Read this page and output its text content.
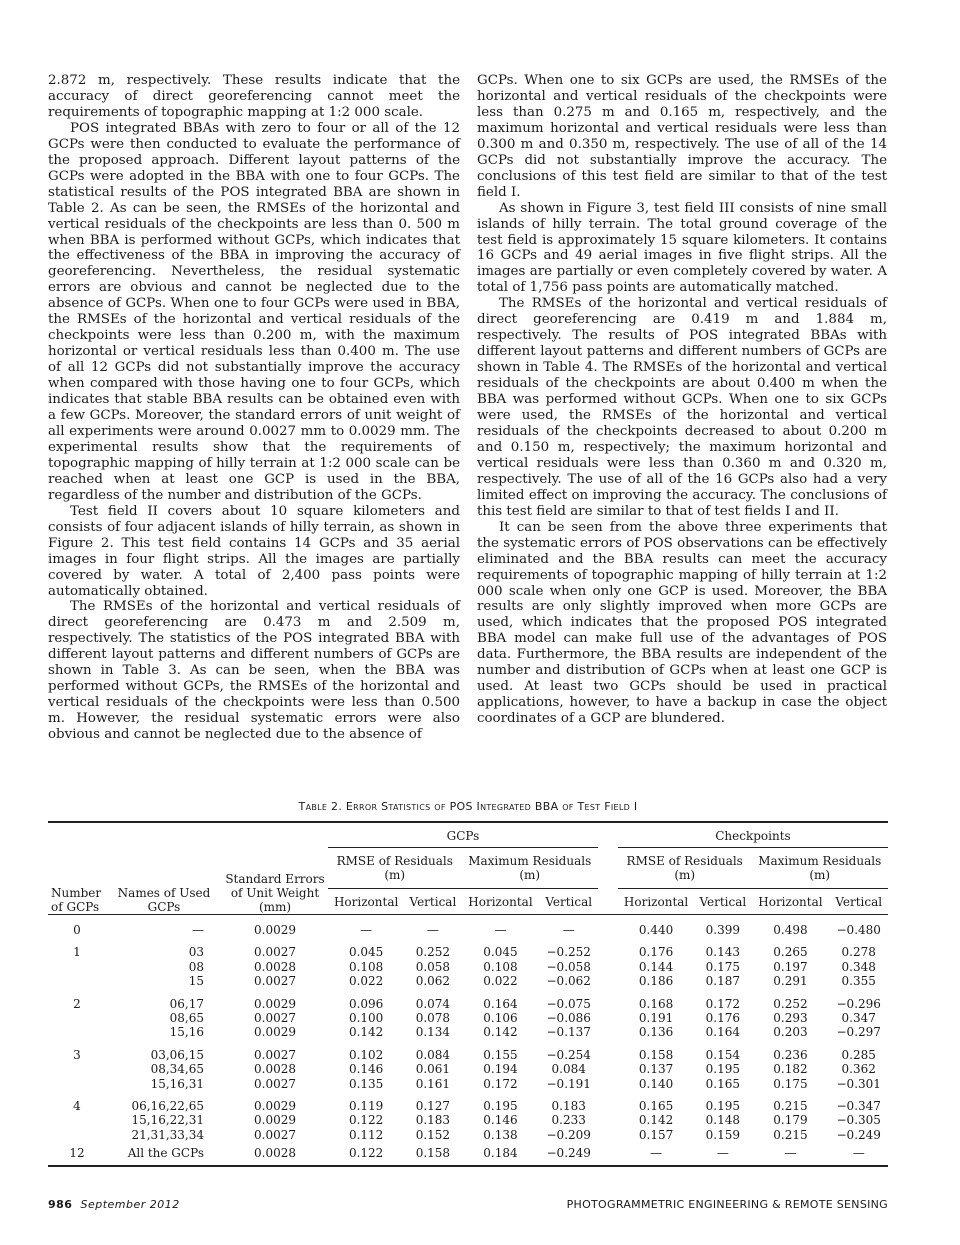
2.872 m, respectively. These results indicate that the accuracy of direct georeferencing cannot meet the requirements of topographic mapping at 1:2 000 scale.

POS integrated BBAs with zero to four or all of the 12 GCPs were then conducted to evaluate the performance of the proposed approach. Different layout patterns of the GCPs were adopted in the BBA with one to four GCPs. The statistical results of the POS integrated BBA are shown in Table 2. As can be seen, the RMSEs of the horizontal and vertical residuals of the checkpoints are less than 0. 500 m when BBA is performed without GCPs, which indicates that the effectiveness of the BBA in improving the accuracy of georeferencing. Nevertheless, the residual systematic errors are obvious and cannot be neglected due to the absence of GCPs. When one to four GCPs were used in BBA, the RMSEs of the horizontal and vertical residuals of the checkpoints were less than 0.200 m, with the maximum horizontal or vertical residuals less than 0.400 m. The use of all 12 GCPs did not substantially improve the accuracy when compared with those having one to four GCPs, which indicates that stable BBA results can be obtained even with a few GCPs. Moreover, the standard errors of unit weight of all experiments were around 0.0027 mm to 0.0029 mm. The experimental results show that the requirements of topographic mapping of hilly terrain at 1:2 000 scale can be reached when at least one GCP is used in the BBA, regardless of the number and distribution of the GCPs.

Test field II covers about 10 square kilometers and consists of four adjacent islands of hilly terrain, as shown in Figure 2. This test field contains 14 GCPs and 35 aerial images in four flight strips. All the images are partially covered by water. A total of 2,400 pass points were automatically obtained.

The RMSEs of the horizontal and vertical residuals of direct georeferencing are 0.473 m and 2.509 m, respectively. The statistics of the POS integrated BBA with different layout patterns and different numbers of GCPs are shown in Table 3. As can be seen, when the BBA was performed without GCPs, the RMSEs of the horizontal and vertical residuals of the checkpoints were less than 0.500 m. However, the residual systematic errors were also obvious and cannot be neglected due to the absence of

GCPs. When one to six GCPs are used, the RMSEs of the horizontal and vertical residuals of the checkpoints were less than 0.275 m and 0.165 m, respectively, and the maximum horizontal and vertical residuals were less than 0.300 m and 0.350 m, respectively. The use of all of the 14 GCPs did not substantially improve the accuracy. The conclusions of this test field are similar to that of the test field I.

As shown in Figure 3, test field III consists of nine small islands of hilly terrain. The total ground coverage of the test field is approximately 15 square kilometers. It contains 16 GCPs and 49 aerial images in five flight strips. All the images are partially or even completely covered by water. A total of 1,756 pass points are automatically matched.

The RMSEs of the horizontal and vertical residuals of direct georeferencing are 0.419 m and 1.884 m, respectively. The results of POS integrated BBAs with different layout patterns and different numbers of GCPs are shown in Table 4. The RMSEs of the horizontal and vertical residuals of the checkpoints are about 0.400 m when the BBA was performed without GCPs. When one to six GCPs were used, the RMSEs of the horizontal and vertical residuals of the checkpoints decreased to about 0.200 m and 0.150 m, respectively; the maximum horizontal and vertical residuals were less than 0.360 m and 0.320 m, respectively. The use of all of the 16 GCPs also had a very limited effect on improving the accuracy. The conclusions of this test field are similar to that of test fields I and II.

It can be seen from the above three experiments that the systematic errors of POS observations can be effectively eliminated and the BBA results can meet the accuracy requirements of topographic mapping of hilly terrain at 1:2 000 scale when only one GCP is used. Moreover, the BBA results are only slightly improved when more GCPs are used, which indicates that the proposed POS integrated BBA model can make full use of the advantages of POS data. Furthermore, the BBA results are independent of the number and distribution of GCPs when at least one GCP is used. At least two GCPs should be used in practical applications, however, to have a backup in case the object coordinates of a GCP are blundered.

Table 2. Error Statistics of POS Integrated BBA of Test Field I
Number of GCPs	Names of Used GCPs	Standard Errors of Unit Weight (mm)	GCPs					Checkpoints			
			RMSE of Residuals (m)		Maximum Residuals (m)			RMSE of Residuals (m)		Maximum Residuals (m)	
			Horizontal	Vertical	Horizontal	Vertical		Horizontal	Vertical	Horizontal	Vertical

0	—	0.0029	—	—	—	—		0.440	0.399	0.498	−0.480
1	03	0.0027	0.045	0.252	0.045	−0.252		0.176	0.143	0.265	0.278
	08	0.0028	0.108	0.058	0.108	−0.058		0.144	0.175	0.197	0.348
	15	0.0027	0.022	0.062	0.022	−0.062		0.186	0.187	0.291	0.355
2	06,17	0.0029	0.096	0.074	0.164	−0.075		0.168	0.172	0.252	−0.296
	08,65	0.0027	0.100	0.078	0.106	−0.086		0.191	0.176	0.293	0.347
	15,16	0.0029	0.142	0.134	0.142	−0.137		0.136	0.164	0.203	−0.297
3	03,06,15	0.0027	0.102	0.084	0.155	−0.254		0.158	0.154	0.236	0.285
	08,34,65	0.0028	0.146	0.061	0.194	0.084		0.137	0.195	0.182	0.362
	15,16,31	0.0027	0.135	0.161	0.172	−0.191		0.140	0.165	0.175	−0.301
4	06,16,22,65	0.0029	0.119	0.127	0.195	0.183		0.165	0.195	0.215	−0.347
	15,16,22,31	0.0029	0.122	0.183	0.146	0.233		0.142	0.148	0.179	−0.305
	21,31,33,34	0.0027	0.112	0.152	0.138	−0.209		0.157	0.159	0.215	−0.249
12	All the GCPs	0.0028	0.122	0.158	0.184	−0.249		—	—	—	—
986 September 2012	PHOTOGRAMMETRIC ENGINEERING & REMOTE SENSING
